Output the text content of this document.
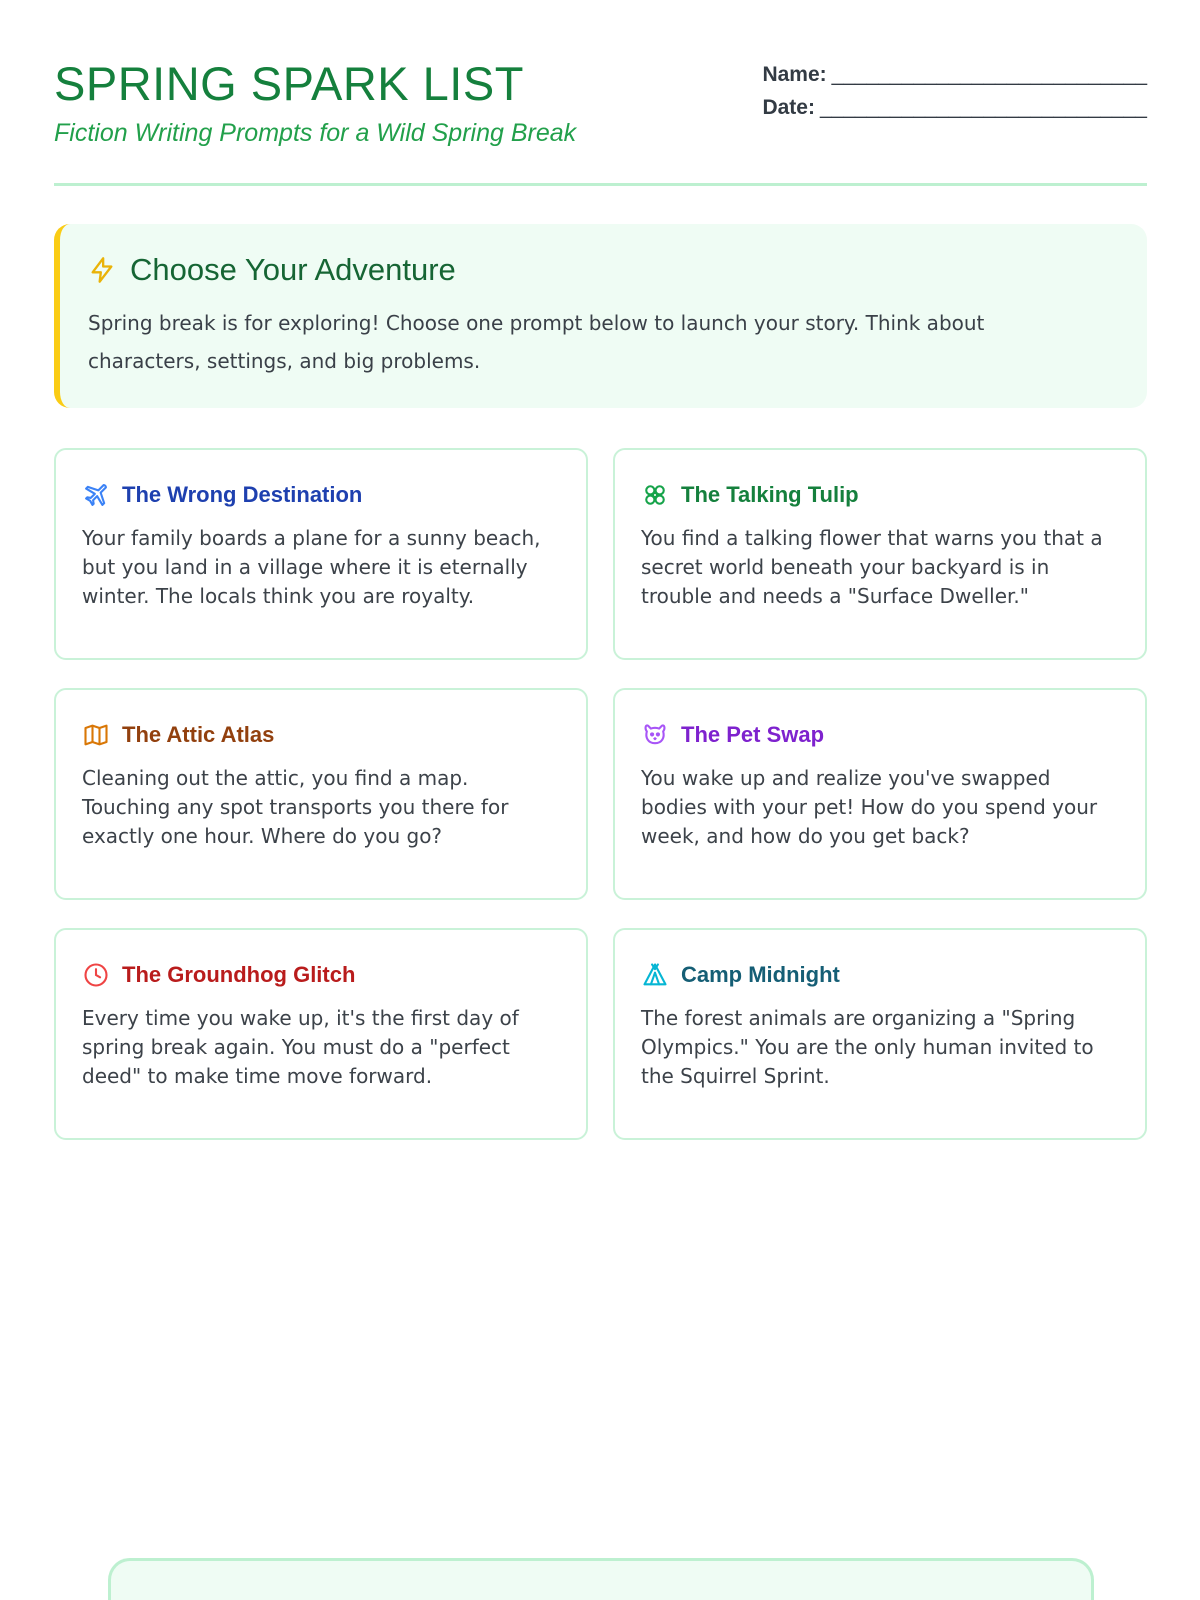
SPRING SPARK LIST
Fiction Writing Prompts for a Wild Spring Break
Name: ___________________________
Date: ____________________________
Choose Your Adventure
Spring break is for exploring! Choose one prompt below to launch your story. Think about characters, settings, and big problems.
The Wrong Destination
Your family boards a plane for a sunny beach, but you land in a village where it is eternally winter. The locals think you are royalty.
The Talking Tulip
You find a talking flower that warns you that a secret world beneath your backyard is in trouble and needs a "Surface Dweller."
The Attic Atlas
Cleaning out the attic, you find a map. Touching any spot transports you there for exactly one hour. Where do you go?
The Pet Swap
You wake up and realize you've swapped bodies with your pet! How do you spend your week, and how do you get back?
The Groundhog Glitch
Every time you wake up, it's the first day of spring break again. You must do a "perfect deed" to make time move forward.
Camp Midnight
The forest animals are organizing a "Spring Olympics." You are the only human invited to the Squirrel Sprint.
